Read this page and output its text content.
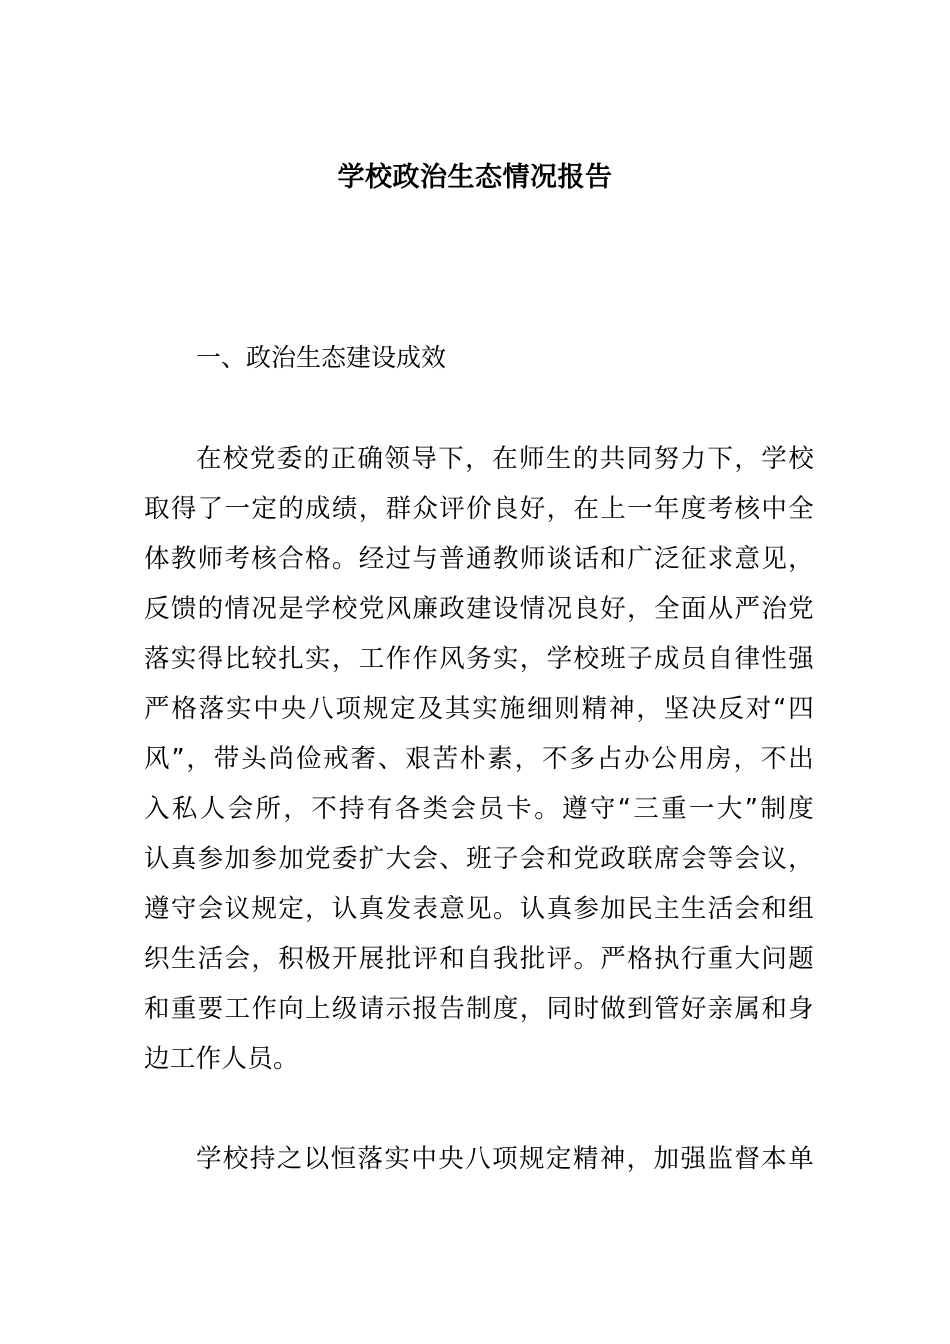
学校政治生态情况报告
一、政治生态建设成效
在校党委的正确领导下，在师生的共同努力下，学校
取得了一定的成绩，群众评价良好，在上一年度考核中全
体教师考核合格。经过与普通教师谈话和广泛征求意见，
反馈的情况是学校党风廉政建设情况良好，全面从严治党
落实得比较扎实，工作作风务实，学校班子成员自律性强
严格落实中央八项规定及其实施细则精神，坚决反对“四
风”，带头尚俭戒奢、艰苦朴素，不多占办公用房，不出
入私人会所，不持有各类会员卡。遵守“三重一大”制度
认真参加参加党委扩大会、班子会和党政联席会等会议，
遵守会议规定，认真发表意见。认真参加民主生活会和组
织生活会，积极开展批评和自我批评。严格执行重大问题
和重要工作向上级请示报告制度，同时做到管好亲属和身
边工作人员。
学校持之以恒落实中央八项规定精神，加强监督本单
